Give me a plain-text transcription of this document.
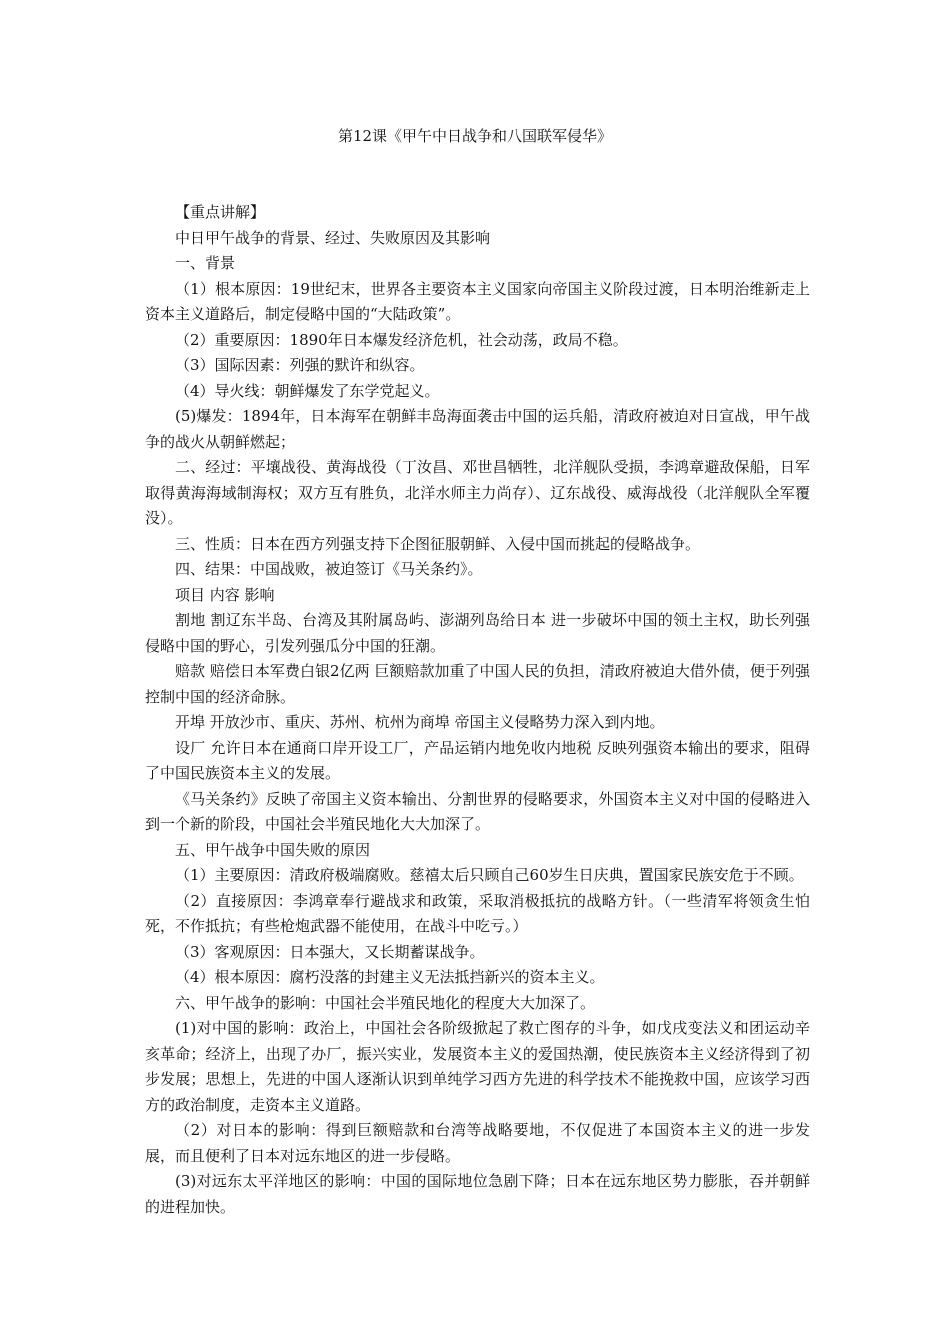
第12课《甲午中日战争和八国联军侵华》

【重点讲解】

中日甲午战争的背景、经过、失败原因及其影响

一、背景

（1）根本原因：19世纪末，世界各主要资本主义国家向帝国主义阶段过渡，日本明治维新走上资本主义道路后，制定侵略中国的“大陆政策”。

（2）重要原因：1890年日本爆发经济危机，社会动荡，政局不稳。

（3）国际因素：列强的默许和纵容。

（4）导火线：朝鲜爆发了东学党起义。

(5)爆发：1894年，日本海军在朝鲜丰岛海面袭击中国的运兵船，清政府被迫对日宣战，甲午战争的战火从朝鲜燃起；

二、经过：平壤战役、黄海战役（丁汝昌、邓世昌牺牲，北洋舰队受损，李鸿章避敌保船，日军取得黄海海域制海权；双方互有胜负，北洋水师主力尚存）、辽东战役、威海战役（北洋舰队全军覆没）。

三、性质：日本在西方列强支持下企图征服朝鲜、入侵中国而挑起的侵略战争。

四、结果：中国战败，被迫签订《马关条约》。

项目 内容 影响

割地 割辽东半岛、台湾及其附属岛屿、澎湖列岛给日本 进一步破坏中国的领土主权，助长列强侵略中国的野心，引发列强瓜分中国的狂潮。

赔款 赔偿日本军费白银2亿两 巨额赔款加重了中国人民的负担，清政府被迫大借外债，便于列强控制中国的经济命脉。

开埠 开放沙市、重庆、苏州、杭州为商埠 帝国主义侵略势力深入到内地。

设厂 允许日本在通商口岸开设工厂，产品运销内地免收内地税 反映列强资本输出的要求，阻碍了中国民族资本主义的发展。

《马关条约》反映了帝国主义资本输出、分割世界的侵略要求，外国资本主义对中国的侵略进入到一个新的阶段，中国社会半殖民地化大大加深了。

五、甲午战争中国失败的原因

（1）主要原因：清政府极端腐败。慈禧太后只顾自己60岁生日庆典，置国家民族安危于不顾。

（2）直接原因：李鸿章奉行避战求和政策，采取消极抵抗的战略方针。（一些清军将领贪生怕死，不作抵抗；有些枪炮武器不能使用，在战斗中吃亏。）

（3）客观原因：日本强大，又长期蓄谋战争。

（4）根本原因：腐朽没落的封建主义无法抵挡新兴的资本主义。

六、甲午战争的影响：中国社会半殖民地化的程度大大加深了。

(1)对中国的影响：政治上，中国社会各阶级掀起了救亡图存的斗争，如戊戌变法义和团运动辛亥革命；经济上，出现了办厂，振兴实业，发展资本主义的爱国热潮，使民族资本主义经济得到了初步发展；思想上，先进的中国人逐渐认识到单纯学习西方先进的科学技术不能挽救中国，应该学习西方的政治制度，走资本主义道路。

（2）对日本的影响：得到巨额赔款和台湾等战略要地，不仅促进了本国资本主义的进一步发展，而且便利了日本对远东地区的进一步侵略。

(3)对远东太平洋地区的影响：中国的国际地位急剧下降；日本在远东地区势力膨胀，吞并朝鲜的进程加快。
